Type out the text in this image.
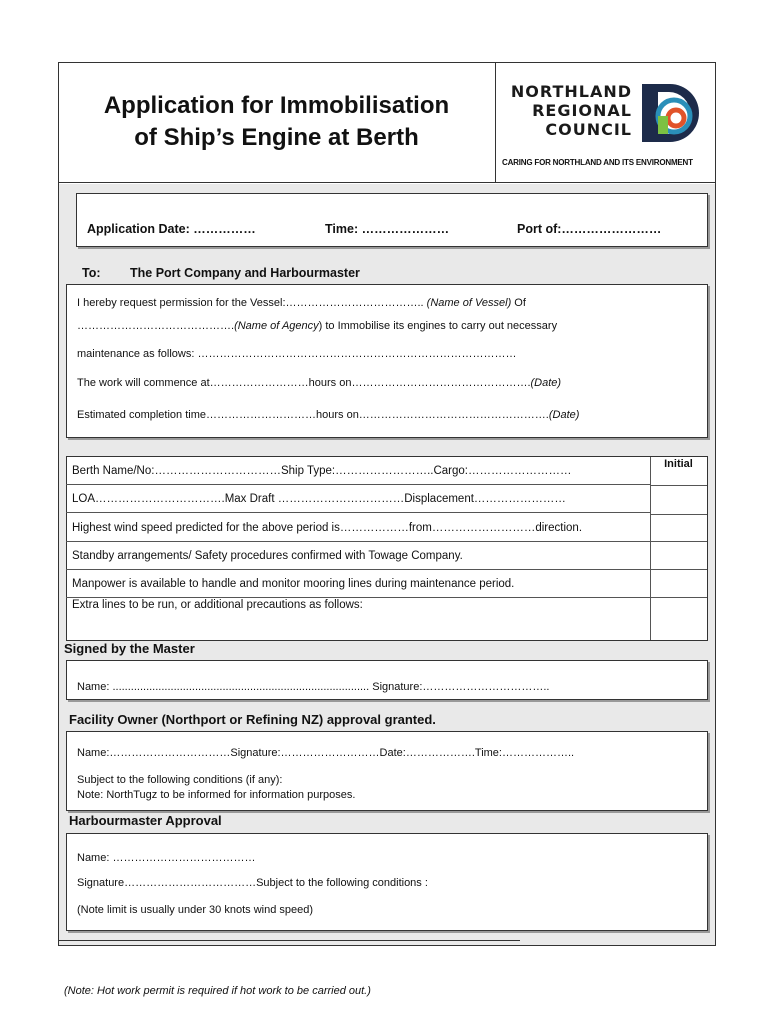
Application for Immobilisation
of Ship’s Engine at Berth
NORTHLAND
REGIONAL
COUNCIL
CARING FOR NORTHLAND AND ITS ENVIRONMENT
Application Date: ……………	Time: …………………	Port of:……………………
To: The Port Company and Harbourmaster
I hereby request permission for the Vessel:……………………………….. (Name of Vessel) Of
…………………………………….(Name of Agency) to Immobilise its engines to carry out necessary
maintenance as follows: ……………………………………………………………………………
The work will commence at………………………hours on………………………………………….(Date)
Estimated completion time…………………………hours on…………………………………………….(Date)
Initial
Berth Name/No:……………………………Ship Type:……………………..Cargo:………………………
LOA…………………………….Max Draft ……………………………Displacement……………………
Highest wind speed predicted for the above period is………………from………………………direction.
Standby arrangements/ Safety procedures confirmed with Towage Company.
Manpower is available to handle and monitor mooring lines during maintenance period.
Extra lines to be run, or additional precautions as follows:
Signed by the Master
Name: .................................................................................... Signature:……………………………..
Facility Owner (Northport or Refining NZ) approval granted.
Name:……………………………Signature:………………………Date:……………….Time:………………..
Subject to the following conditions (if any):
Note: NorthTugz to be informed for information purposes.
Harbourmaster Approval
Name: …………………………………
Signature………………………………Subject to the following conditions :
(Note limit is usually under 30 knots wind speed)
(Note: Hot work permit is required if hot work to be carried out.)
